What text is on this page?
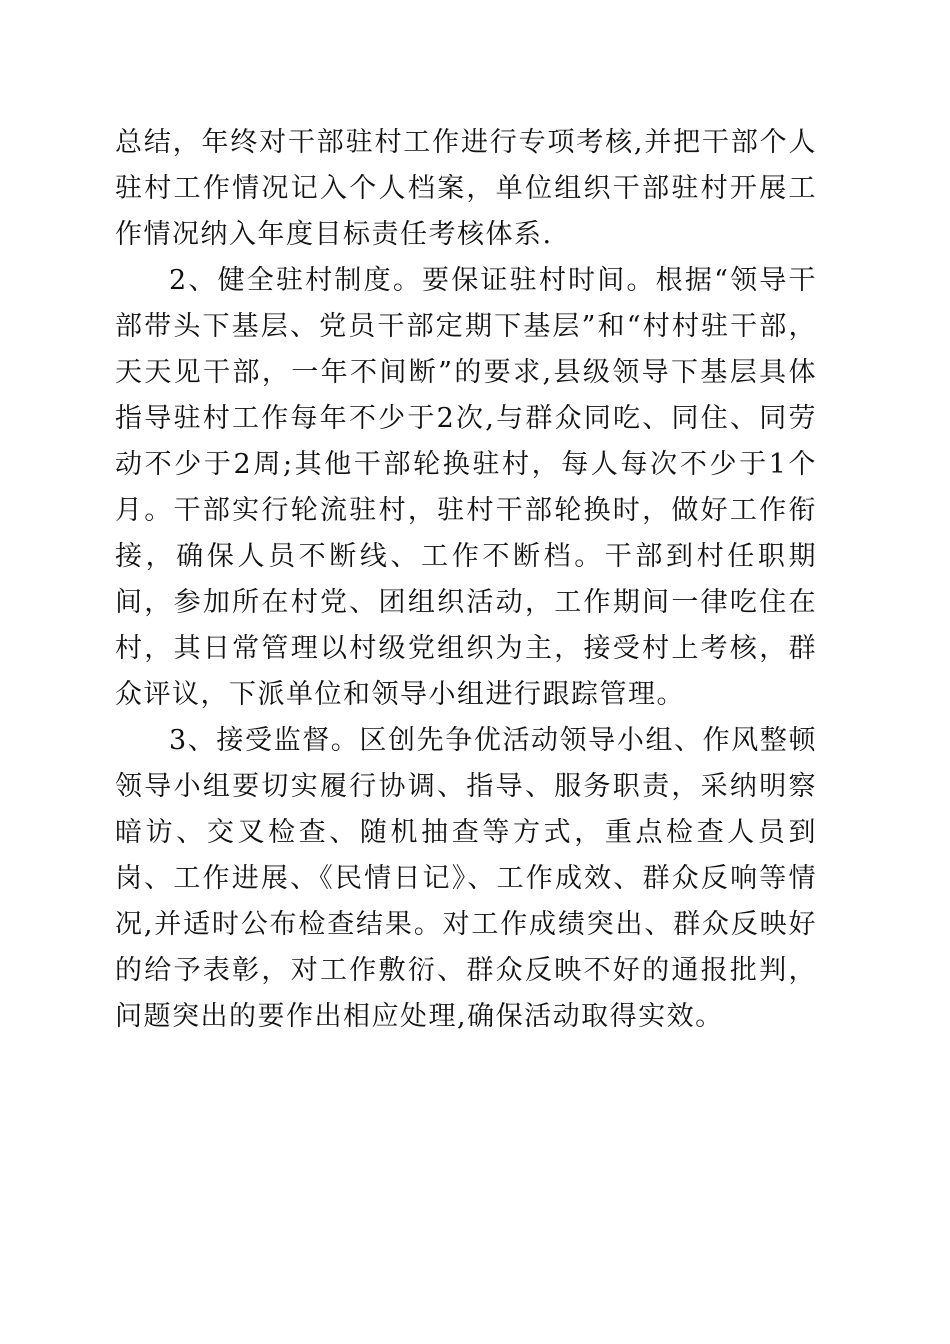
总结，年终对干部驻村工作进行专项考核,并把干部个人驻村工作情况记入个人档案，单位组织干部驻村开展工作情况纳入年度目标责任考核体系.

2、健全驻村制度。要保证驻村时间。根据“领导干部带头下基层、党员干部定期下基层”和“村村驻干部，天天见干部，一年不间断”的要求,县级领导下基层具体指导驻村工作每年不少于2次,与群众同吃、同住、同劳动不少于2周;其他干部轮换驻村，每人每次不少于1个月。干部实行轮流驻村，驻村干部轮换时，做好工作衔接，确保人员不断线、工作不断档。干部到村任职期间，参加所在村党、团组织活动，工作期间一律吃住在村，其日常管理以村级党组织为主，接受村上考核，群众评议，下派单位和领导小组进行跟踪管理。

3、接受监督。区创先争优活动领导小组、作风整顿领导小组要切实履行协调、指导、服务职责，采纳明察暗访、交叉检查、随机抽查等方式，重点检查人员到岗、工作进展、《民情日记》、工作成效、群众反响等情况,并适时公布检查结果。对工作成绩突出、群众反映好的给予表彰，对工作敷衍、群众反映不好的通报批判，问题突出的要作出相应处理,确保活动取得实效。
